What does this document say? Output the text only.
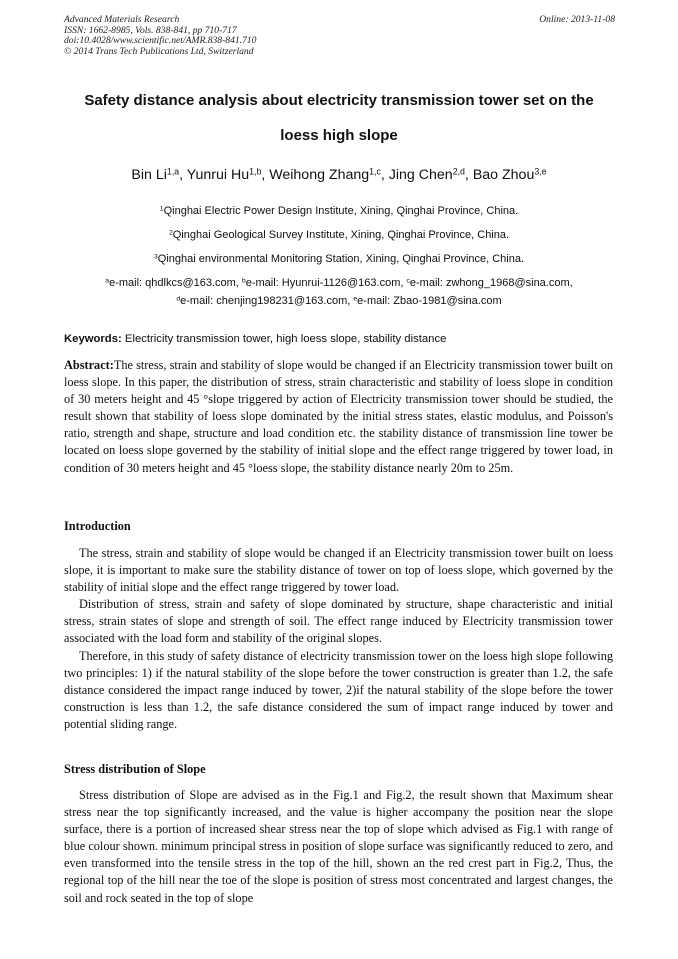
Advanced Materials Research
ISSN: 1662-8985, Vols. 838-841, pp 710-717
doi:10.4028/www.scientific.net/AMR.838-841.710
© 2014 Trans Tech Publications Ltd, Switzerland
Online: 2013-11-08
Safety distance analysis about electricity transmission tower set on the
loess high slope
Bin Li$^{1,a}$, Yunrui Hu$^{1,b}$, Weihong Zhang$^{1,c}$, Jing Chen$^{2,d}$, Bao Zhou$^{3,e}$
$^1$Qinghai Electric Power Design Institute, Xining, Qinghai Province, China.
$^2$Qinghai Geological Survey Institute, Xining, Qinghai Province, China.
$^3$Qinghai environmental Monitoring Station, Xining, Qinghai Province, China.
$^a$e-mail: qhdlkcs@163.com, $^b$e-mail: Hyunrui-1126@163.com, $^c$e-mail: zwhong_1968@sina.com,
$^d$e-mail: chenjing198231@163.com, $^e$e-mail: Zbao-1981@sina.com
Keywords: Electricity transmission tower, high loess slope, stability distance
Abstract:The stress, strain and stability of slope would be changed if an Electricity transmission tower built on loess slope. In this paper, the distribution of stress, strain characteristic and stability of loess slope in condition of 30 meters height and 45 °slope triggered by action of Electricity transmission tower should be studied, the result shown that stability of loess slope dominated by the initial stress states, elastic modulus, and Poisson's ratio, strength and shape, structure and load condition etc. the stability distance of transmission line tower be located on loess slope governed by the stability of initial slope and the effect range triggered by tower load, in condition of 30 meters height and 45 °loess slope, the stability distance nearly 20m to 25m.
Introduction

The stress, strain and stability of slope would be changed if an Electricity transmission tower built on loess slope, it is important to make sure the stability distance of tower on top of loess slope, which governed by the stability of initial slope and the effect range triggered by tower load.

Distribution of stress, strain and safety of slope dominated by structure, shape characteristic and initial stress, strain states of slope and strength of soil. The effect range induced by Electricity transmission tower associated with the load form and stability of the original slopes.

Therefore, in this study of safety distance of electricity transmission tower on the loess high slope following two principles: 1) if the natural stability of the slope before the tower construction is greater than 1.2, the safe distance considered the impact range induced by tower, 2)if the natural stability of the slope before the tower construction is less than 1.2, the safe distance considered the sum of impact range induced by tower and potential sliding range.

Stress distribution of Slope

Stress distribution of Slope are advised as in the Fig.1 and Fig.2, the result shown that Maximum shear stress near the top significantly increased, and the value is higher accompany the position near the slope surface, there is a portion of increased shear stress near the top of slope which advised as Fig.1 with range of blue colour shown. minimum principal stress in position of slope surface was significantly reduced to zero, and even transformed into the tensile stress in the top of the hill, shown an the red crest part in Fig.2, Thus, the regional top of the hill near the toe of the slope is position of stress most concentrated and largest changes, the soil and rock seated in the top of slope
